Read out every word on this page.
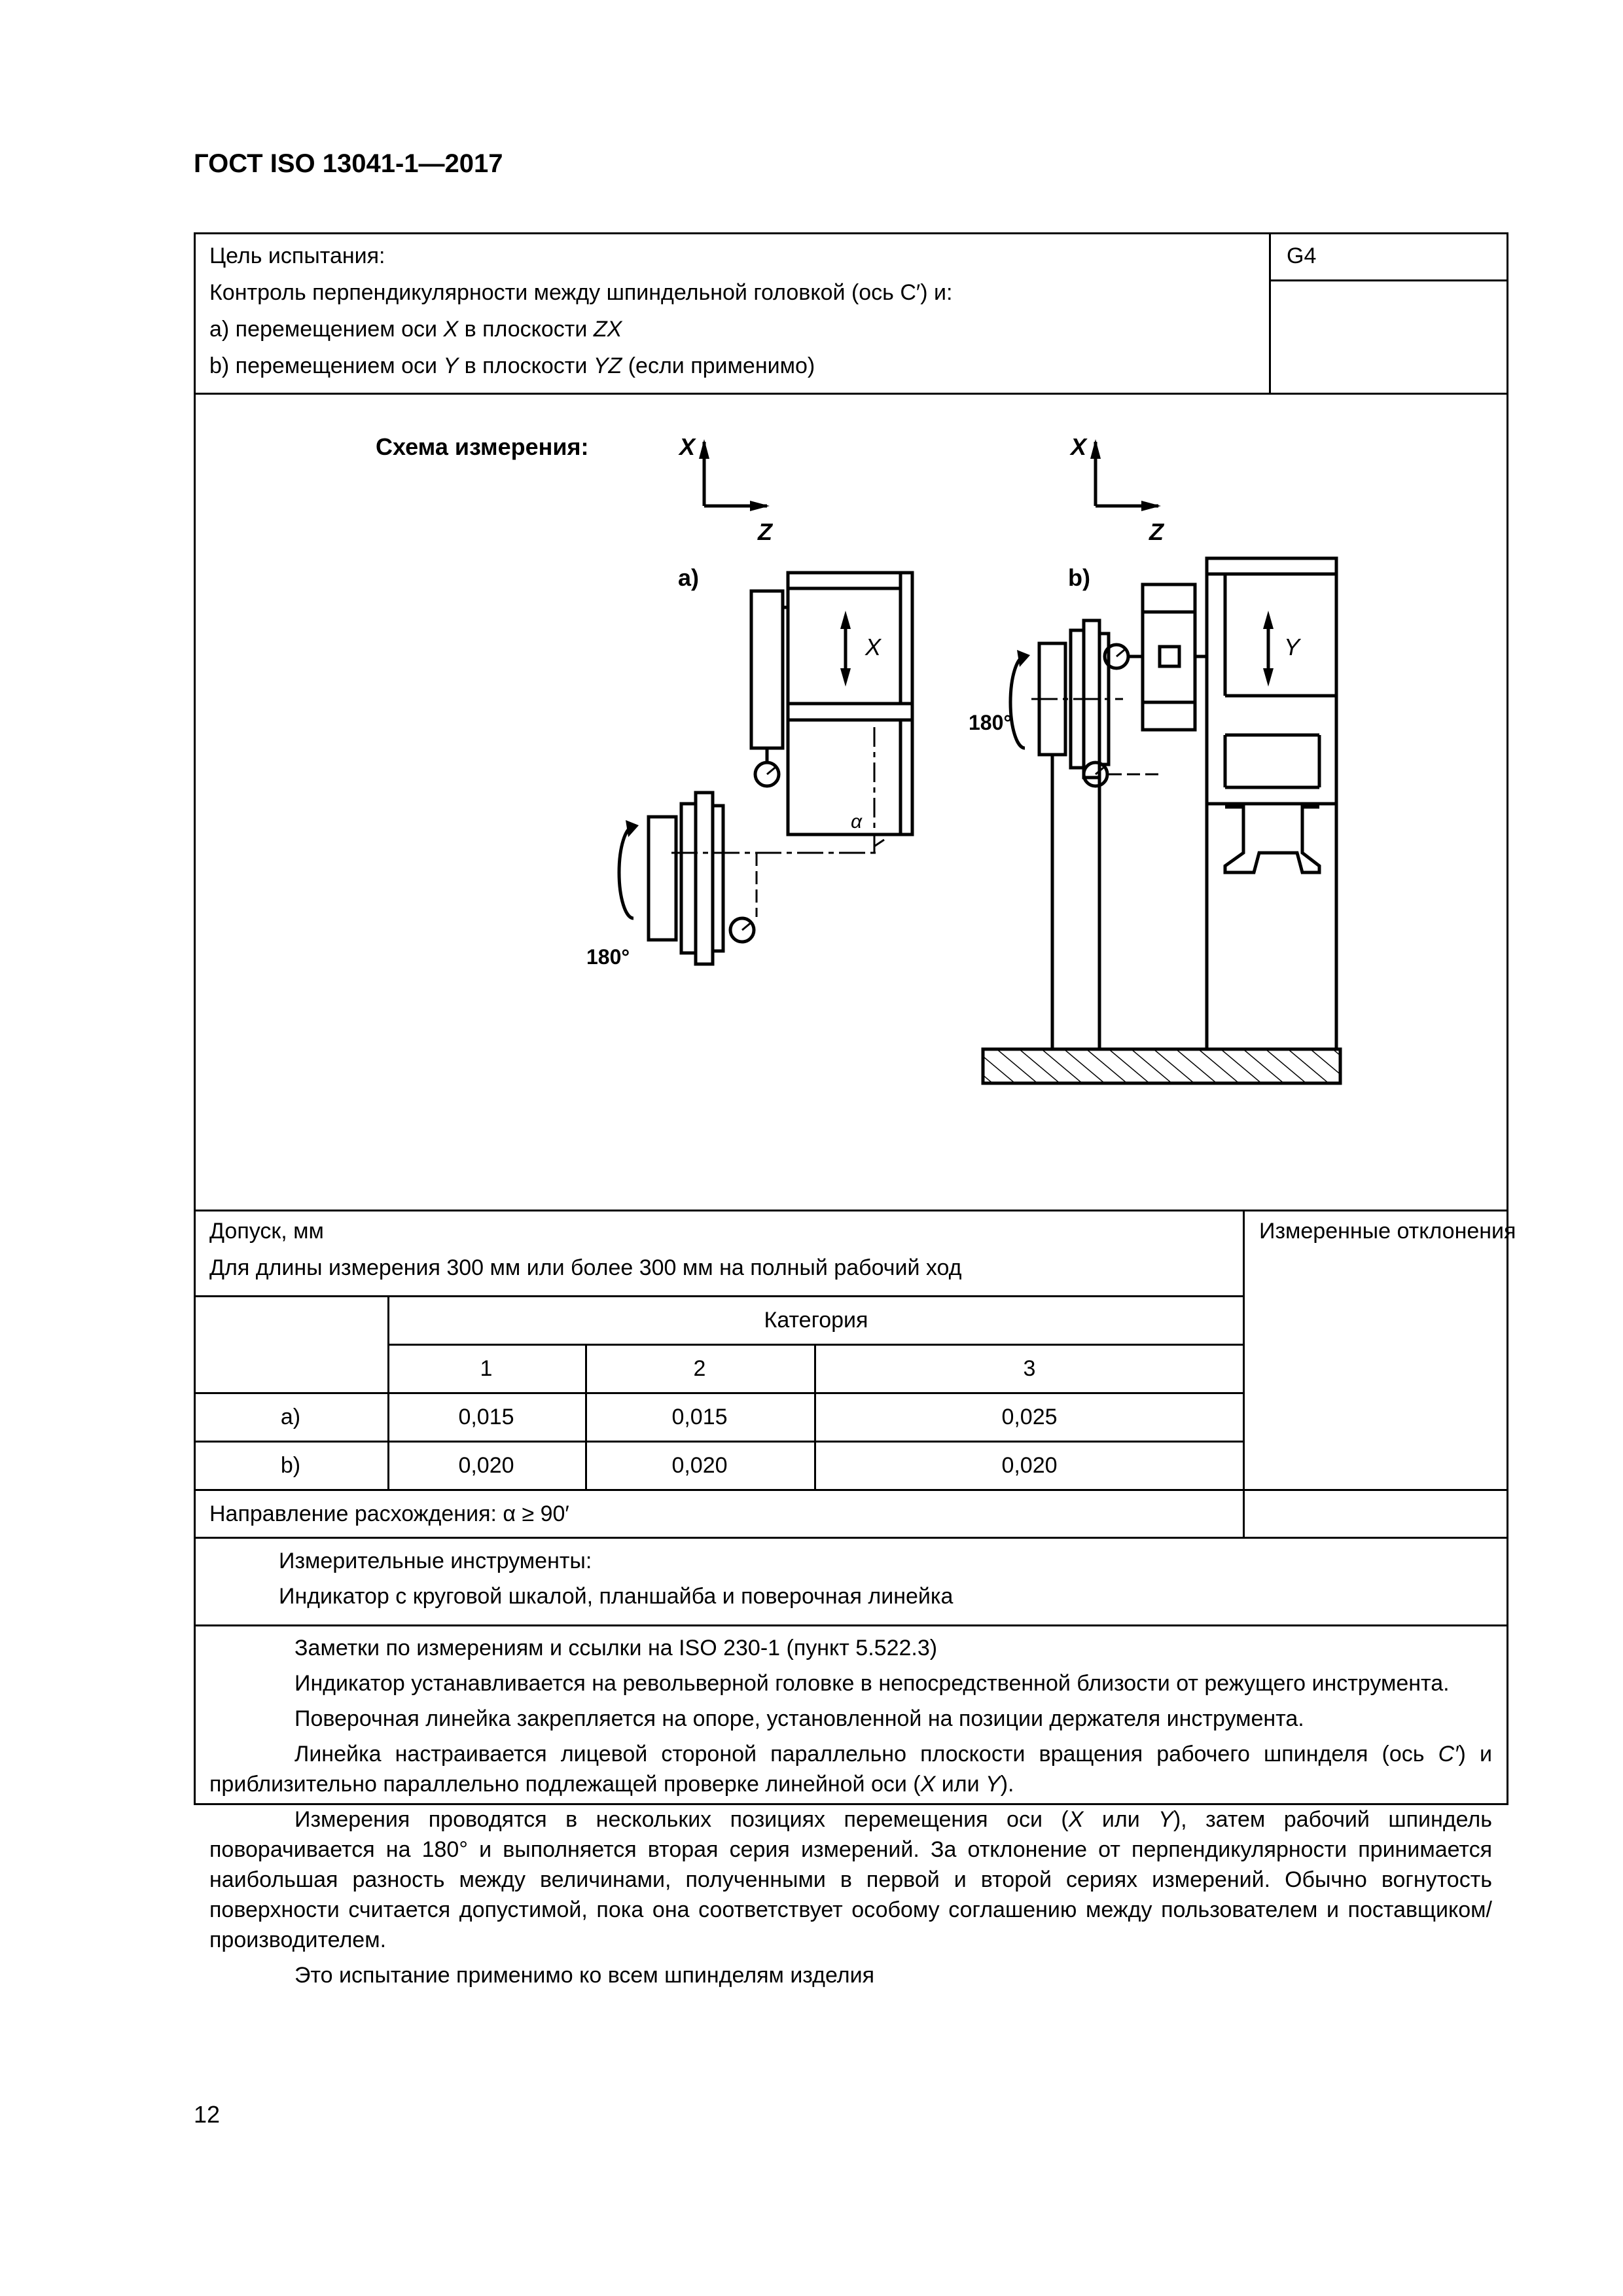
ГОСТ ISO 13041-1—2017
Цель испытания:
Контроль перпендикулярности между шпиндельной головкой (ось C′) и:
a) перемещением оси X в плоскости ZX
b) перемещением оси Y в плоскости YZ (если применимо)
G4
Схема измерения:	X
Z
a)
X
180°
α
X
Z
b)
Y
180°
Допуск, мм
Для длины измерения 300 мм или более 300 мм на полный рабочий ход
Измеренные отклонения
Категория
1	2	3
a)	0,015	0,015	0,025
b)	0,020	0,020	0,020
Направление расхождения: α ≥ 90′
Измерительные инструменты:
Индикатор с круговой шкалой, планшайба и поверочная линейка

Заметки по измерениям и ссылки на ISO 230-1 (пункт 5.522.3)

Индикатор устанавливается на револьверной головке в непосредственной близости от режущего инструмента.

Поверочная линейка закрепляется на опоре, установленной на позиции держателя инструмента.

Линейка настраивается лицевой стороной параллельно плоскости вращения рабочего шпинделя (ось C′) и приблизительно параллельно подлежащей проверке линейной оси (X или Y).

Измерения проводятся в нескольких позициях перемещения оси (X или Y), затем рабочий шпиндель поворачивается на 180° и выполняется вторая серия измерений. За отклонение от перпендикулярности принимается наибольшая разность между величинами, полученными в первой и второй сериях измерений. Обычно вогнутость поверхности считается допустимой, пока она соответствует особому соглашению между пользователем и поставщиком/ производителем.

Это испытание применимо ко всем шпинделям изделия

12
